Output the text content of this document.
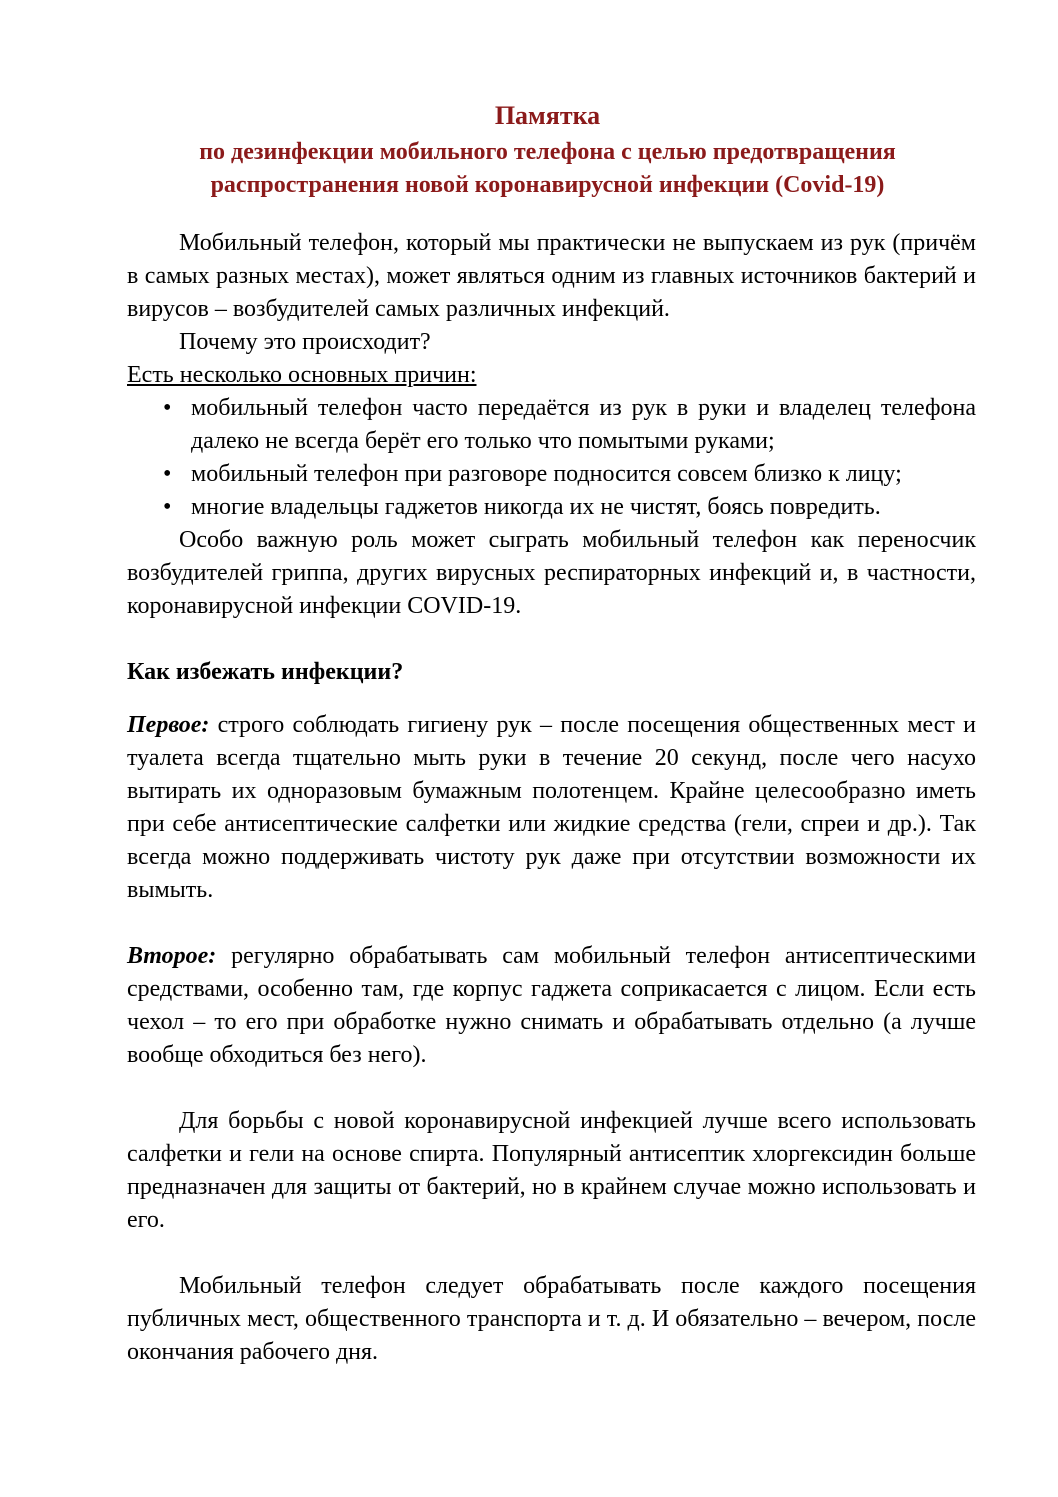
Памятка
по дезинфекции мобильного телефона с целью предотвращения
распространения новой коронавирусной инфекции (Covid-19)

Мобильный телефон, который мы практически не выпускаем из рук (причём в самых разных местах), может являться одним из главных источников бактерий и вирусов – возбудителей самых различных инфекций.

Почему это происходит?

Есть несколько основных причин:

• мобильный телефон часто передаётся из рук в руки и владелец телефона далеко не всегда берёт его только что помытыми руками;
• мобильный телефон при разговоре подносится совсем близко к лицу;
• многие владельцы гаджетов никогда их не чистят, боясь повредить.

Особо важную роль может сыграть мобильный телефон как переносчик возбудителей гриппа, других вирусных респираторных инфекций и, в частности, коронавирусной инфекции COVID-19.

Как избежать инфекции?

Первое: строго соблюдать гигиену рук – после посещения общественных мест и туалета всегда тщательно мыть руки в течение 20 секунд, после чего насухо вытирать их одноразовым бумажным полотенцем. Крайне целесообразно иметь при себе антисептические салфетки или жидкие средства (гели, спреи и др.). Так всегда можно поддерживать чистоту рук даже при отсутствии возможности их вымыть.

Второе: регулярно обрабатывать сам мобильный телефон антисептическими средствами, особенно там, где корпус гаджета соприкасается с лицом. Если есть чехол – то его при обработке нужно снимать и обрабатывать отдельно (а лучше вообще обходиться без него).

Для борьбы с новой коронавирусной инфекцией лучше всего использовать салфетки и гели на основе спирта. Популярный антисептик хлоргексидин больше предназначен для защиты от бактерий, но в крайнем случае можно использовать и его.

Мобильный телефон следует обрабатывать после каждого посещения публичных мест, общественного транспорта и т. д. И обязательно – вечером, после окончания рабочего дня.
